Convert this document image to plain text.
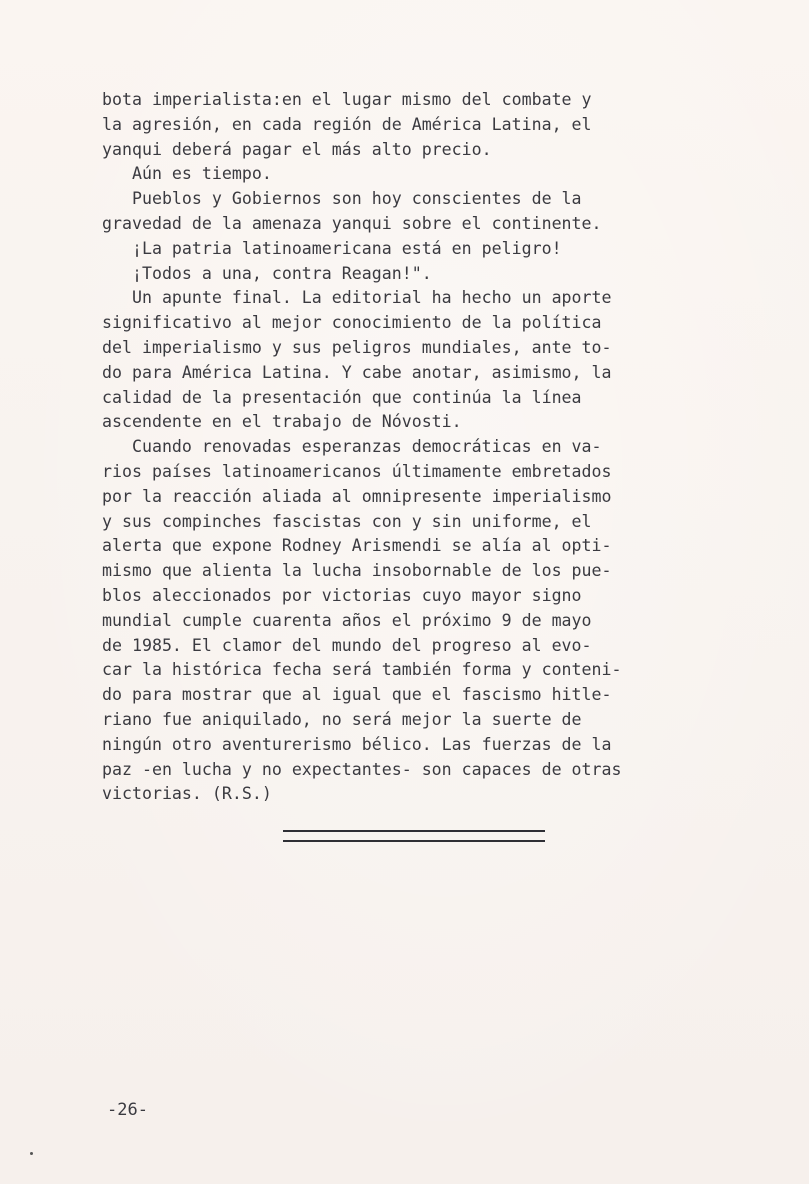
bota imperialista:en el lugar mismo del combate y
la agresión, en cada región de América Latina, el
yanqui deberá pagar el más alto precio.
Aún es tiempo.
Pueblos y Gobiernos son hoy conscientes de la
gravedad de la amenaza yanqui sobre el continente.
¡La patria latinoamericana está en peligro!
¡Todos a una, contra Reagan!".
Un apunte final. La editorial ha hecho un aporte
significativo al mejor conocimiento de la política
del imperialismo y sus peligros mundiales, ante to-
do para América Latina. Y cabe anotar, asimismo, la
calidad de la presentación que continúa la línea
ascendente en el trabajo de Nóvosti.
Cuando renovadas esperanzas democráticas en va-
rios países latinoamericanos últimamente embretados
por la reacción aliada al omnipresente imperialismo
y sus compinches fascistas con y sin uniforme, el
alerta que expone Rodney Arismendi se alía al opti-
mismo que alienta la lucha insobornable de los pue-
blos aleccionados por victorias cuyo mayor signo
mundial cumple cuarenta años el próximo 9 de mayo
de 1985. El clamor del mundo del progreso al evo-
car la histórica fecha será también forma y conteni-
do para mostrar que al igual que el fascismo hitle-
riano fue aniquilado, no será mejor la suerte de
ningún otro aventurerismo bélico. Las fuerzas de la
paz -en lucha y no expectantes- son capaces de otras
victorias. (R.S.)
-26-
